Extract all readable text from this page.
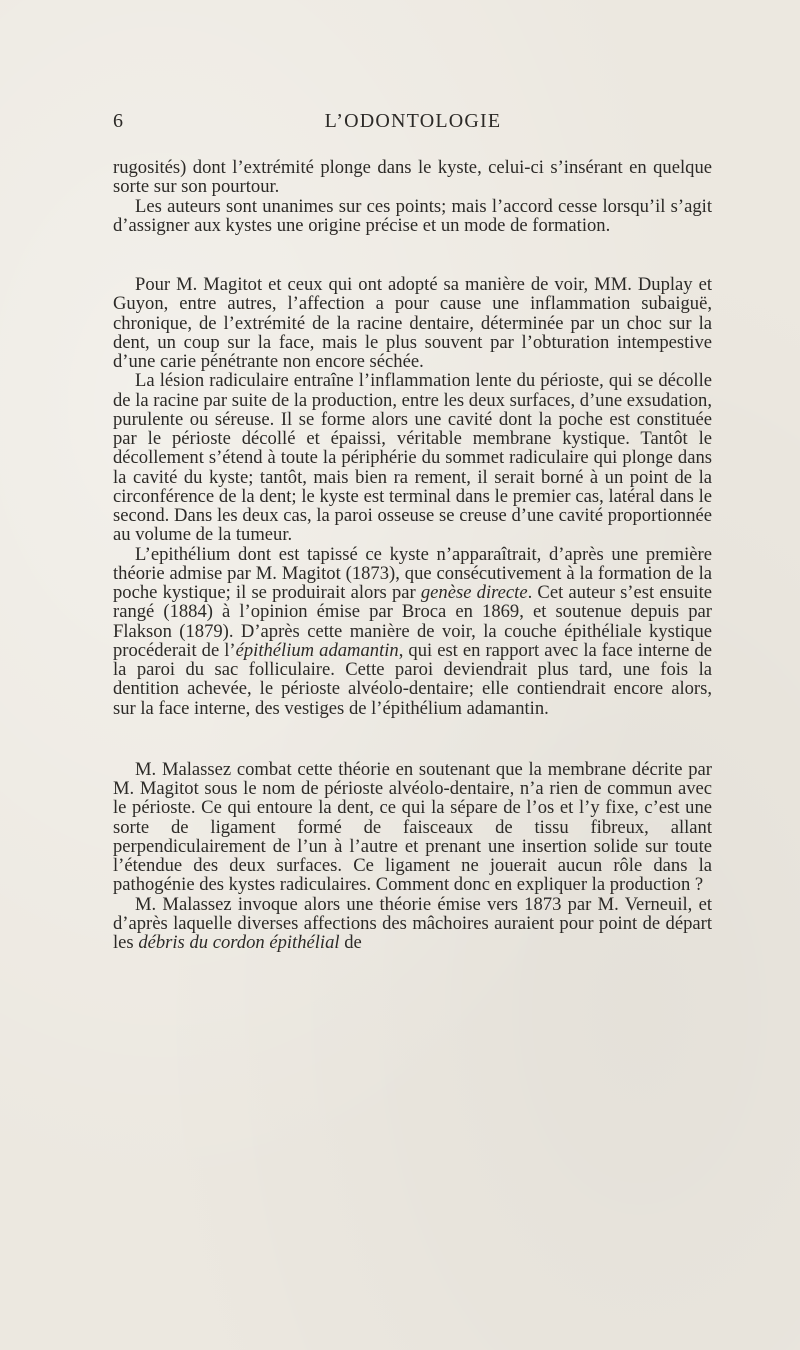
6	L’ODONTOLOGIE

rugosités) dont l’extrémité plonge dans le kyste, celui-ci s’insérant en quelque sorte sur son pourtour.

Les auteurs sont unanimes sur ces points; mais l’accord cesse lorsqu’il s’agit d’assigner aux kystes une origine précise et un mode de formation.

Pour M. Magitot et ceux qui ont adopté sa manière de voir, MM. Duplay et Guyon, entre autres, l’affection a pour cause une inflammation subaiguë, chronique, de l’extrémité de la racine dentaire, déterminée par un choc sur la dent, un coup sur la face, mais le plus souvent par l’obturation intempestive d’une carie pénétrante non encore séchée.

La lésion radiculaire entraîne l’inflammation lente du périoste, qui se décolle de la racine par suite de la production, entre les deux surfaces, d’une exsudation, purulente ou séreuse. Il se forme alors une cavité dont la poche est constituée par le périoste décollé et épaissi, véritable membrane kystique. Tantôt le décollement s’étend à toute la périphérie du sommet radiculaire qui plonge dans la cavité du kyste; tantôt, mais bien ra rement, il serait borné à un point de la circonférence de la dent; le kyste est terminal dans le premier cas, latéral dans le second. Dans les deux cas, la paroi osseuse se creuse d’une cavité proportionnée au volume de la tumeur.

L’epithélium dont est tapissé ce kyste n’apparaîtrait, d’après une première théorie admise par M. Magitot (1873), que consécutivement à la formation de la poche kystique; il se produirait alors par genèse directe. Cet auteur s’est ensuite rangé (1884) à l’opinion émise par Broca en 1869, et soutenue depuis par Flakson (1879). D’après cette manière de voir, la couche épithéliale kystique procéderait de l’épithélium adamantin, qui est en rapport avec la face interne de la paroi du sac folliculaire. Cette paroi deviendrait plus tard, une fois la dentition achevée, le périoste alvéolo-dentaire; elle contiendrait encore alors, sur la face interne, des vestiges de l’épithélium adamantin.

M. Malassez combat cette théorie en soutenant que la membrane décrite par M. Magitot sous le nom de périoste alvéolo-dentaire, n’a rien de commun avec le périoste. Ce qui entoure la dent, ce qui la sépare de l’os et l’y fixe, c’est une sorte de ligament formé de faisceaux de tissu fibreux, allant perpendiculairement de l’un à l’autre et prenant une insertion solide sur toute l’étendue des deux surfaces. Ce ligament ne jouerait aucun rôle dans la pathogénie des kystes radiculaires. Comment donc en expliquer la production ?

M. Malassez invoque alors une théorie émise vers 1873 par M. Verneuil, et d’après laquelle diverses affections des mâchoires auraient pour point de départ les débris du cordon épithélial de
